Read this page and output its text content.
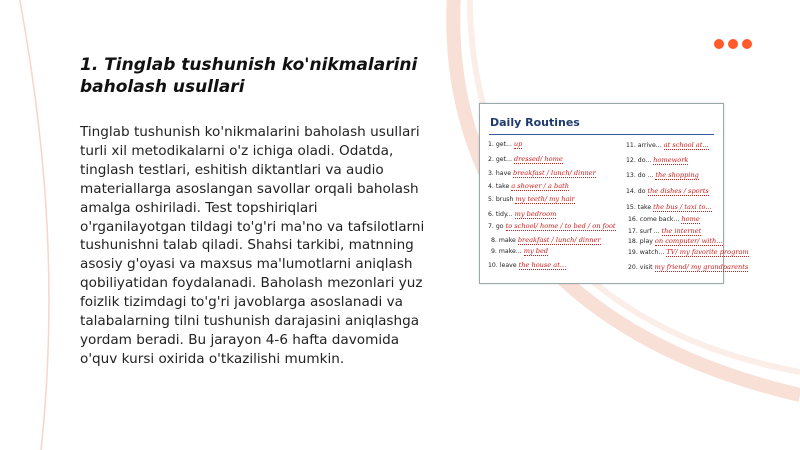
1. Tinglab tushunish ko'nikmalarini baholash usullari

Tinglab tushunish ko'nikmalarini baholash usullari turli xil metodikalarni o'z ichiga oladi. Odatda, tinglash testlari, eshitish diktantlari va audio materiallarga asoslangan savollar orqali baholash amalga oshiriladi. Test topshiriqlari o'rganilayotgan tildagi to'g'ri ma'no va tafsilotlarni tushunishni talab qiladi. Shahsi tarkibi, matnning asosiy g'oyasi va maxsus ma'lumotlarni aniqlash qobiliyatidan foydalanadi. Baholash mezonlari yuz foizlik tizimdagi to'g'ri javoblarga asoslanadi va talabalarning tilni tushunish darajasini aniqlashga yordam beradi. Bu jarayon 4-6 hafta davomida o'quv kursi oxirida o'tkazilishi mumkin.

Daily Routines
1. get... up
2. get... dressed/ home
3. have breakfast / lunch/ dinner
4. take a shower / a bath
5. brush my teeth/ my hair
6. tidy... my bedroom
7. go to school/ home / to bed / on foot
8. make breakfast / lunch/ dinner
9. make... my bed
10. leave the house at...
11. arrive... at school at...
12. do... homework
13. do ... the shopping
14. do the dishes / sports
15. take the bus / taxi to...
16. come back... home
17. surf ... the internet
18. play on computer/ with...
19. watch... TV/ my favorite program
20. visit my friend/ my grandparents
